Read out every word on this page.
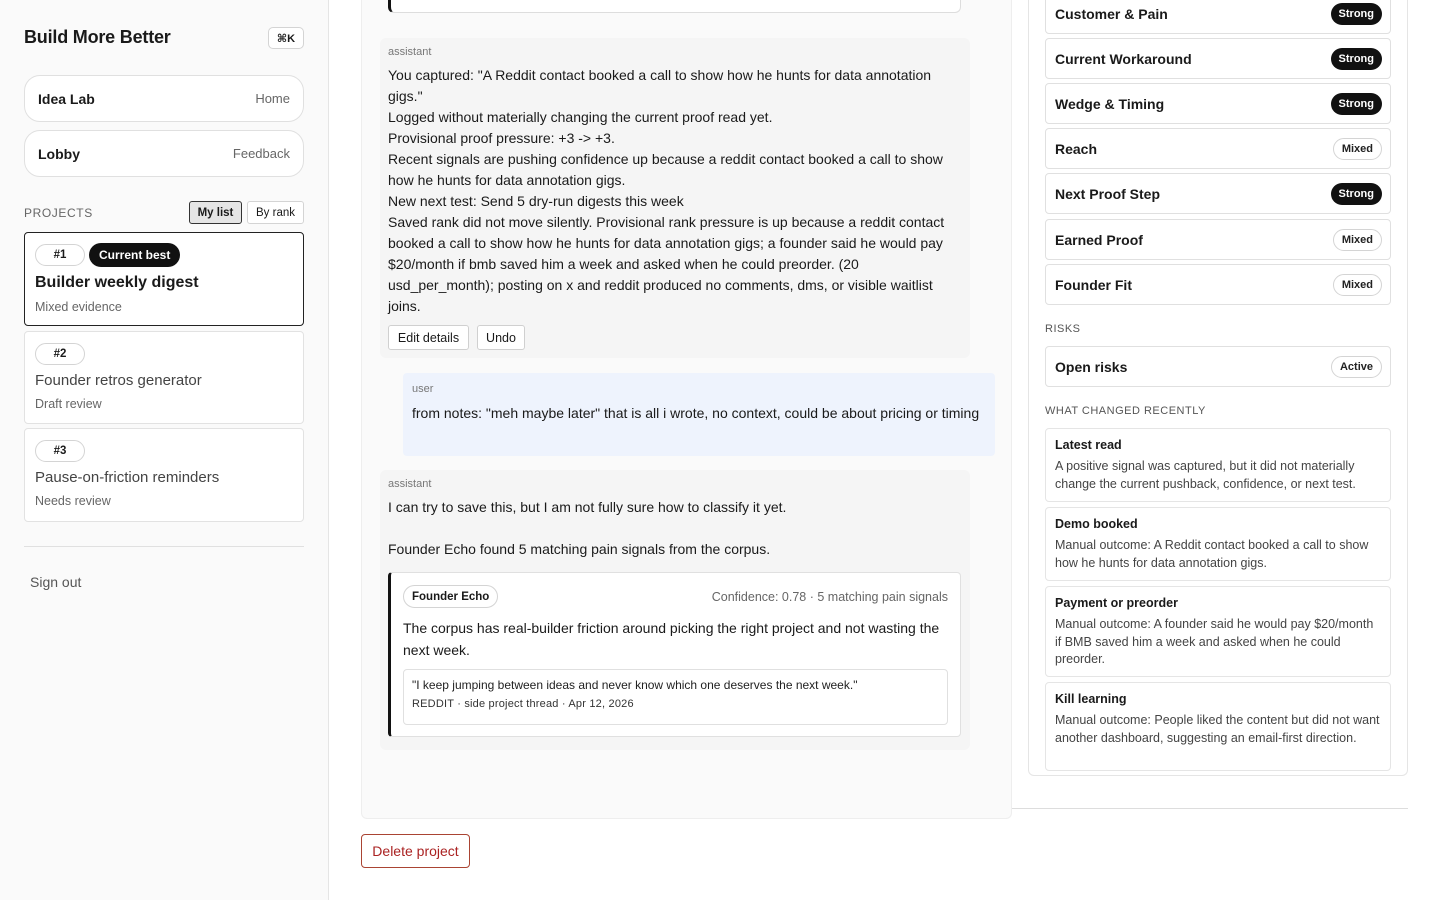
Build More Better	⌘K
Idea Lab	Home
Lobby	Feedback
PROJECTS	My list	By rank
#1	Current best
Builder weekly digest
Mixed evidence
#2
Founder retros generator
Draft review
#3
Pause-on-friction reminders
Needs review
Sign out
assistant

You captured: "A Reddit contact booked a call to show how he hunts for data annotation gigs."

Logged without materially changing the current proof read yet.

Provisional proof pressure: +3 -> +3.

Recent signals are pushing confidence up because a reddit contact booked a call to show how he hunts for data annotation gigs.

New next test: Send 5 dry-run digests this week

Saved rank did not move silently. Provisional rank pressure is up because a reddit contact booked a call to show how he hunts for data annotation gigs; a founder said he would pay $20/month if bmb saved him a week and asked when he could preorder. (20 usd_per_month); posting on x and reddit produced no comments, dms, or visible waitlist joins.

Edit details	Undo
user
from notes: "meh maybe later" that is all i wrote, no context, could be about pricing or timing
assistant

I can try to save this, but I am not fully sure how to classify it yet.

Founder Echo found 5 matching pain signals from the corpus.

Founder Echo	Confidence: 0.78 · 5 matching pain signals
The corpus has real-builder friction around picking the right project and not wasting the next week.
"I keep jumping between ideas and never know which one deserves the next week."
REDDIT · side project thread · Apr 12, 2026
Delete project
Customer & Pain	Strong
Current Workaround	Strong
Wedge & Timing	Strong
Reach	Mixed
Next Proof Step	Strong
Earned Proof	Mixed
Founder Fit	Mixed
RISKS
Open risks	Active
WHAT CHANGED RECENTLY
Latest read
A positive signal was captured, but it did not materially change the current pushback, confidence, or next test.
Demo booked
Manual outcome: A Reddit contact booked a call to show how he hunts for data annotation gigs.
Payment or preorder
Manual outcome: A founder said he would pay $20/month if BMB saved him a week and asked when he could preorder.
Kill learning
Manual outcome: People liked the content but did not want another dashboard, suggesting an email-first direction.
